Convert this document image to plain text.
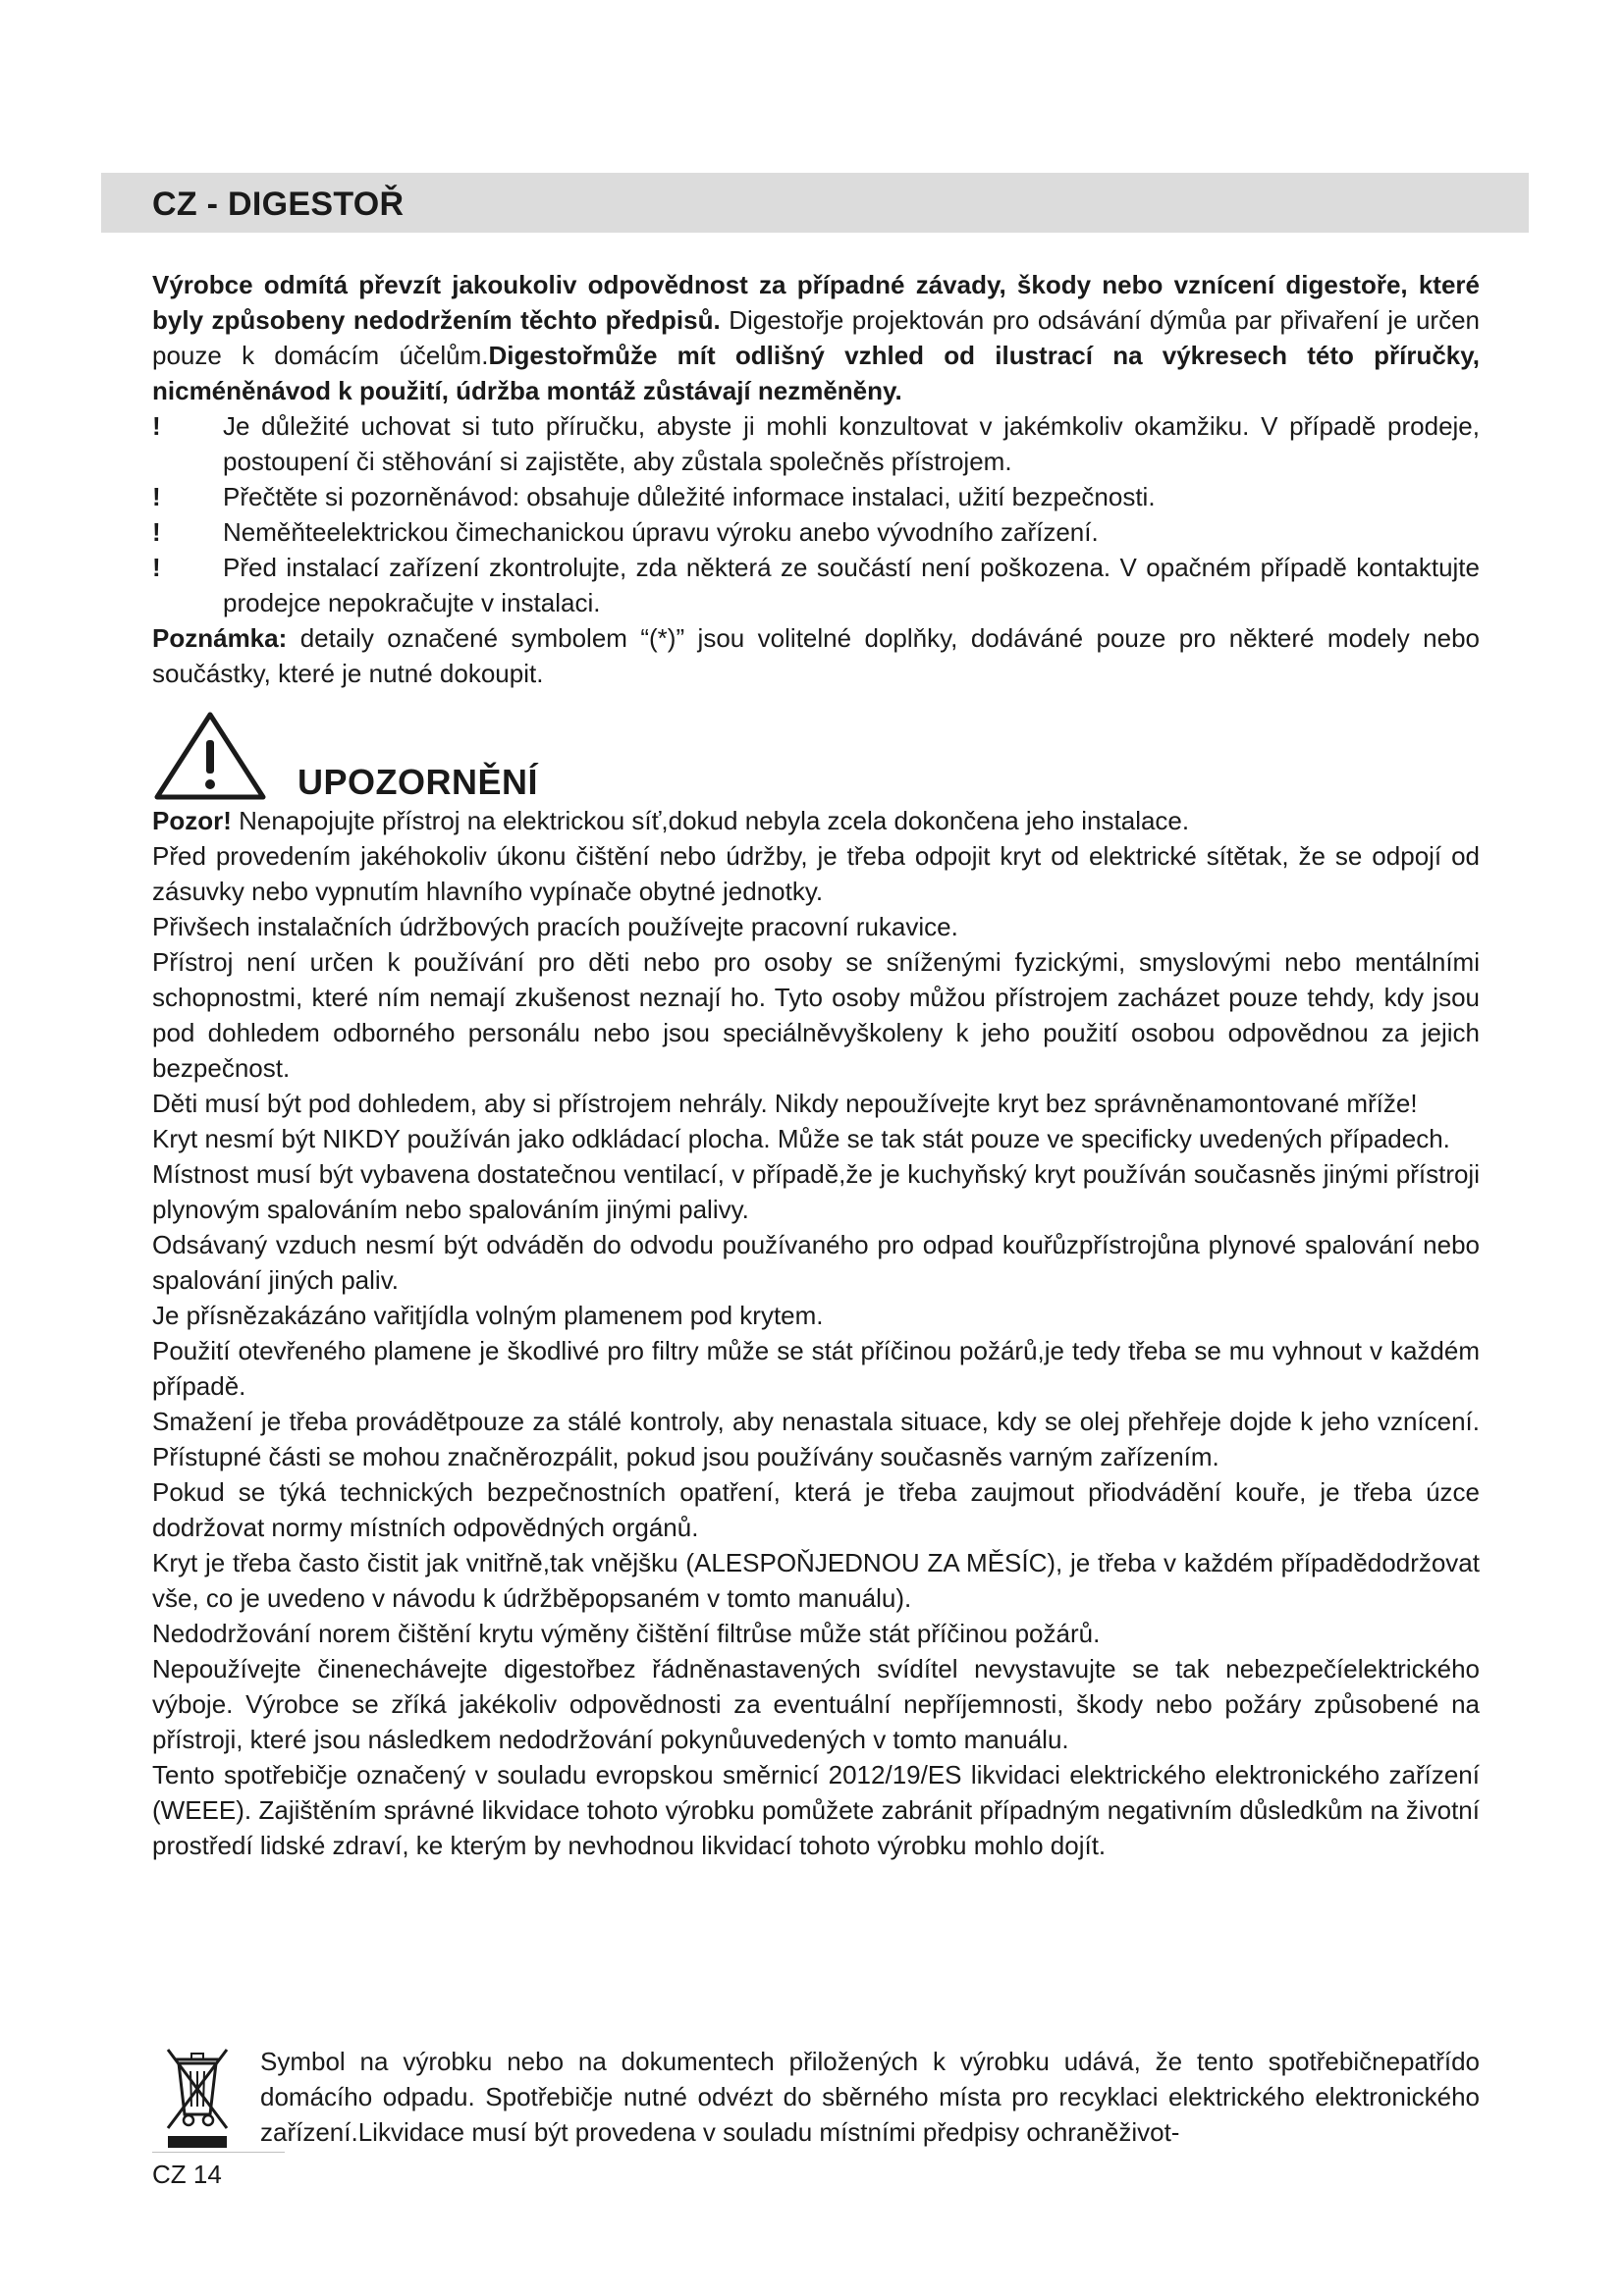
CZ - DIGESTOŘ

Výrobce odmítá převzít jakoukoliv odpovědnost za případné závady, škody nebo vznícení digestoře, které byly způsobeny nedodržením těchto předpisů. Digestořje projektován pro odsávání dýmůa par přivaření je určen pouze k domácím účelům.Digestořmůže mít odlišný vzhled od ilustrací na výkresech této příručky, nicméněnávod k použití, údržba montáž zůstávají nezměněny.

!	Je důležité uchovat si tuto příručku, abyste ji mohli konzultovat v jakémkoliv okamžiku. V případě prodeje, postoupení či stěhování si zajistěte, aby zůstala společněs přístrojem.
!	Přečtěte si pozorněnávod: obsahuje důležité informace instalaci, užití bezpečnosti.
!	Neměňteelektrickou čimechanickou úpravu výroku anebo vývodního zařízení.
!	Před instalací zařízení zkontrolujte, zda některá ze součástí není poškozena. V opačném případě kontaktujte prodejce nepokračujte v instalaci.

Poznámka: detaily označené symbolem “(*)” jsou volitelné doplňky, dodáváné pouze pro některé modely nebo součástky, které je nutné dokoupit.

UPOZORNĚNÍ

Pozor! Nenapojujte přístroj na elektrickou síť,dokud nebyla zcela dokončena jeho instalace.

Před provedením jakéhokoliv úkonu čištění nebo údržby, je třeba odpojit kryt od elektrické sítětak, že se odpojí od zásuvky nebo vypnutím hlavního vypínače obytné jednotky.

Přivšech instalačních údržbových pracích používejte pracovní rukavice.

Přístroj není určen k používání pro děti nebo pro osoby se sníženými fyzickými, smyslovými nebo mentálními schopnostmi, které ním nemají zkušenost neznají ho. Tyto osoby můžou přístrojem zacházet pouze tehdy, kdy jsou pod dohledem odborného personálu nebo jsou speciálněvyškoleny k jeho použití osobou odpovědnou za jejich bezpečnost.

Děti musí být pod dohledem, aby si přístrojem nehrály. Nikdy nepoužívejte kryt bez správněnamontované mříže!

Kryt nesmí být NIKDY používán jako odkládací plocha. Může se tak stát pouze ve specificky uvedených případech.

Místnost musí být vybavena dostatečnou ventilací, v případě,že je kuchyňský kryt používán současněs jinými přístroji plynovým spalováním nebo spalováním jinými palivy.

Odsávaný vzduch nesmí být odváděn do odvodu používaného pro odpad kouřůzpřístrojůna plynové spalování nebo spalování jiných paliv.

Je přísnězakázáno vařitjídla volným plamenem pod krytem.

Použití otevřeného plamene je škodlivé pro filtry může se stát příčinou požárů,je tedy třeba se mu vyhnout v každém případě.

Smažení je třeba provádětpouze za stálé kontroly, aby nenastala situace, kdy se olej přehřeje dojde k jeho vznícení. Přístupné části se mohou značněrozpálit, pokud jsou používány současněs varným zařízením.

Pokud se týká technických bezpečnostních opatření, která je třeba zaujmout přiodvádění kouře, je třeba úzce dodržovat normy místních odpovědných orgánů.

Kryt je třeba často čistit jak vnitřně,tak vnějšku (ALESPOŇJEDNOU ZA MĚSÍC), je třeba v každém případědodržovat vše, co je uvedeno v návodu k údržběpopsaném v tomto manuálu).

Nedodržování norem čištění krytu výměny čištění filtrůse může stát příčinou požárů.

Nepoužívejte činenechávejte digestořbez řádněnastavených svídítel nevystavujte se tak nebezpečíelektrického výboje. Výrobce se zříká jakékoliv odpovědnosti za eventuální nepříjemnosti, škody nebo požáry způsobené na přístroji, které jsou následkem nedodržování pokynůuvedených v tomto manuálu.

Tento spotřebičje označený v souladu evropskou směrnicí 2012/19/ES likvidaci elektrického elektronického zařízení (WEEE). Zajištěním správné likvidace tohoto výrobku pomůžete zabránit případným negativním důsledkům na životní prostředí lidské zdraví, ke kterým by nevhodnou likvidací tohoto výrobku mohlo dojít.

Symbol na výrobku nebo na dokumentech přiložených k výrobku udává, že tento spotřebičnepatřído domácího odpadu. Spotřebičje nutné odvézt do sběrného místa pro recyklaci elektrického elektronického zařízení.Likvidace musí být provedena v souladu místními předpisy ochraněživot-

CZ 14
